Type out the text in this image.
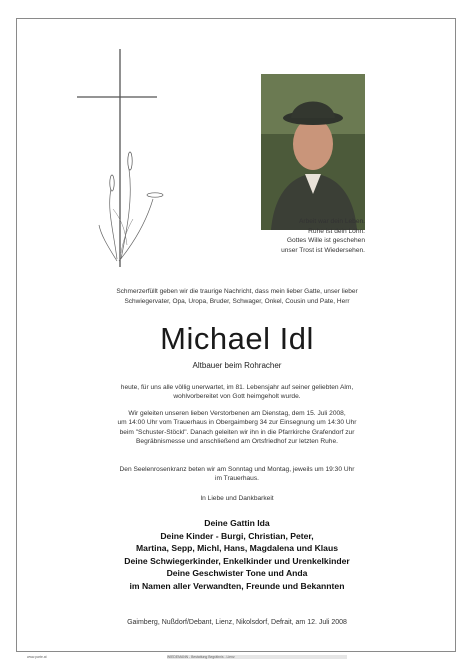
Arbeit war dein Leben.
Ruhe ist dein Lohn.
Gottes Wille ist geschehen
unser Trost ist Wiedersehen.
Schmerzerfüllt geben wir die traurige Nachricht, dass mein lieber Gatte, unser lieber
Schwiegervater, Opa, Uropa, Bruder, Schwager, Onkel, Cousin und Pate, Herr
Michael Idl
Altbauer beim Rohracher
heute, für uns alle völlig unerwartet, im 81. Lebensjahr auf seiner geliebten Alm,
wohlvorbereitet von Gott heimgeholt wurde.
Wir geleiten unseren lieben Verstorbenen am Dienstag, dem 15. Juli 2008,
um 14:00 Uhr vom Trauerhaus in Obergaimberg 34 zur Einsegnung um 14:30 Uhr
beim "Schuster-Stöckl". Danach geleiten wir ihn in die Pfarrkirche Grafendorf zur
Begräbnismesse und anschließend am Ortsfriedhof zur letzten Ruhe.
Den Seelenrosenkranz beten wir am Sonntag und Montag, jeweils um 19:30 Uhr
im Trauerhaus.
In Liebe und Dankbarkeit
Deine Gattin Ida
Deine Kinder - Burgi, Christian, Peter,
Martina, Sepp, Michl, Hans, Magdalena und Klaus
Deine Schwiegerkinder, Enkelkinder und Urenkelkinder
Deine Geschwister Tone und Anda
im Namen aller Verwandten, Freunde und Bekannten
Gaimberg, Nußdorf/Debant, Lienz, Nikolsdorf, Defrait, am 12. Juli 2008
www.parte.at	WIEDEMANN - Bestattung Begräbnis - Lienz
